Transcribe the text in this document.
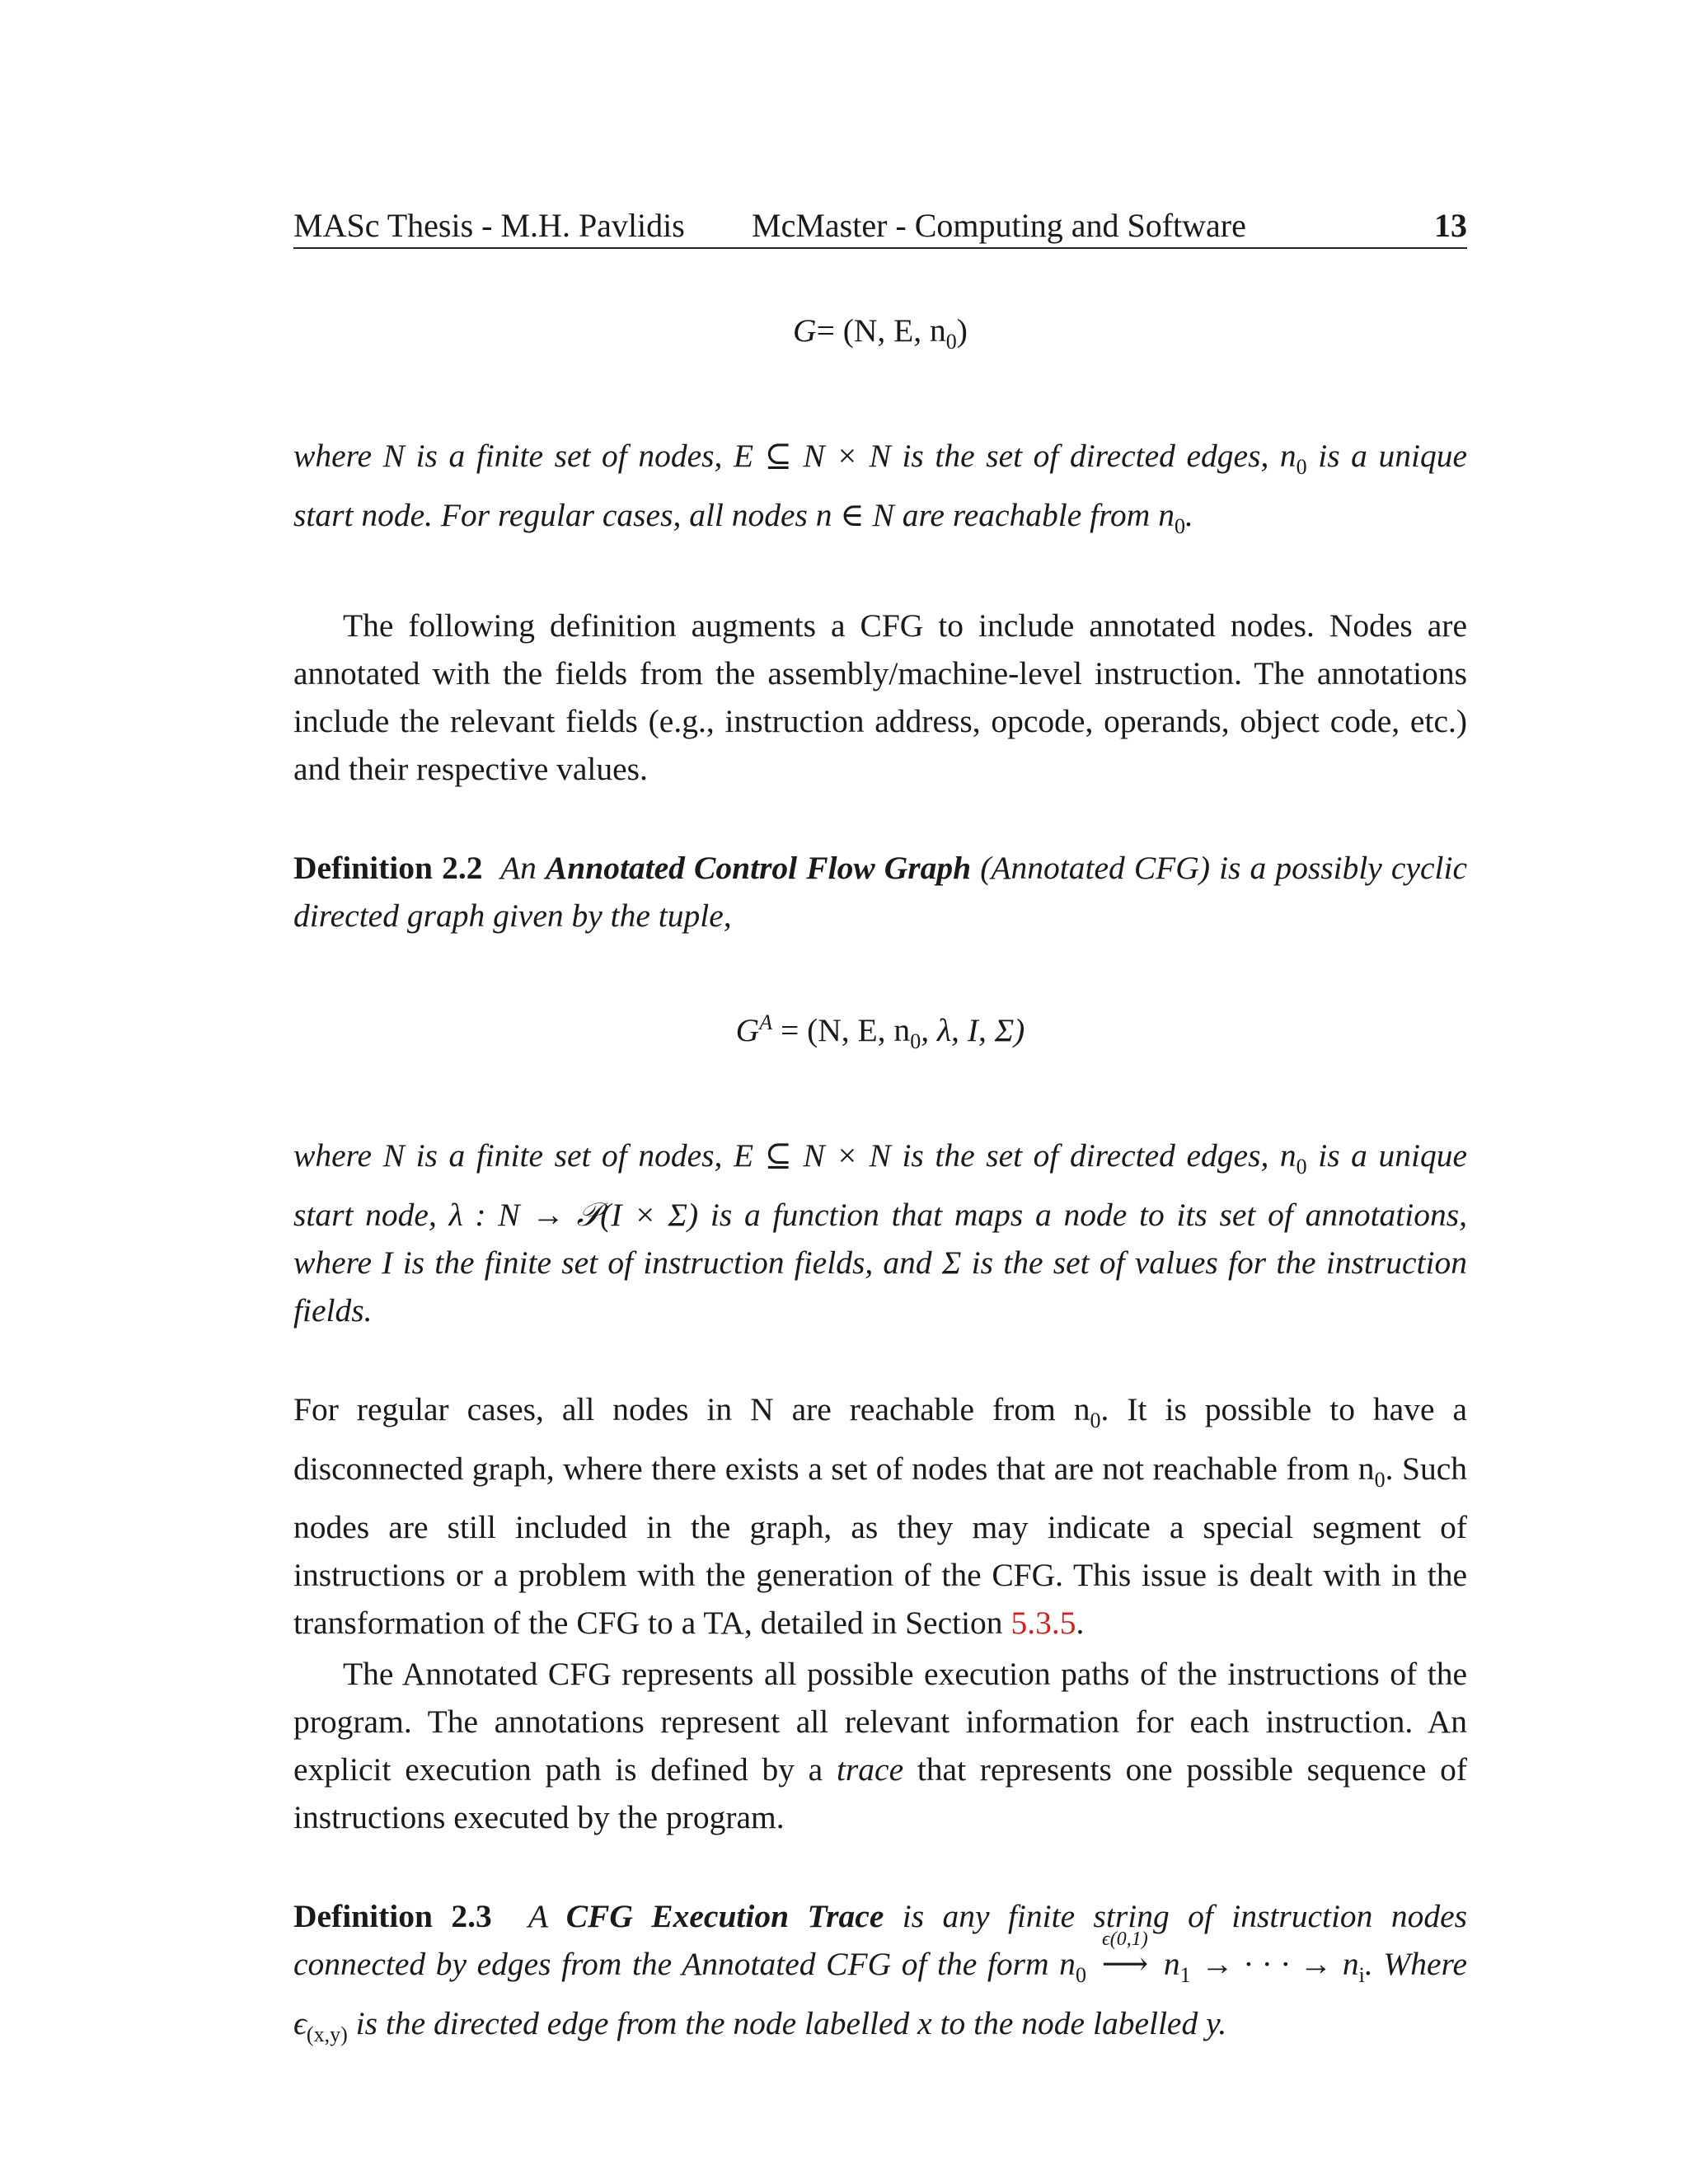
MASc Thesis - M.H. Pavlidis McMaster - Computing and Software	13
G= (N, E, $n_0$)

where N is a finite set of nodes, E ⊆ N × N is the set of directed edges, $n_0$ is a unique start node. For regular cases, all nodes n ∈ N are reachable from $n_0$.

The following definition augments a CFG to include annotated nodes. Nodes are annotated with the fields from the assembly/machine-level instruction. The annotations include the relevant fields (e.g., instruction address, opcode, operands, object code, etc.) and their respective values.

Definition 2.2 An Annotated Control Flow Graph (Annotated CFG) is a possibly cyclic directed graph given by the tuple,

$G^A = (N$, E, $n_0$, λ, I, Σ)

where N is a finite set of nodes, E ⊆ N × N is the set of directed edges, $n_0$ is a unique start node, λ : N → 𝒫(I × Σ) is a function that maps a node to its set of annotations, where I is the finite set of instruction fields, and Σ is the set of values for the instruction fields.

For regular cases, all nodes in N are reachable from $n_0$. It is possible to have a disconnected graph, where there exists a set of nodes that are not reachable from $n_0$. Such nodes are still included in the graph, as they may indicate a special segment of instructions or a problem with the generation of the CFG. This issue is dealt with in the transformation of the CFG to a TA, detailed in Section 5.3.5.

The Annotated CFG represents all possible execution paths of the instructions of the program. The annotations represent all relevant information for each instruction. An explicit execution path is defined by a trace that represents one possible sequence of instructions executed by the program.

Definition 2.3 A CFG Execution Trace is any finite string of instruction nodes connected by edges from the Annotated CFG of the form $n_0$
ϵ(0,1)
⟶ $n_1$ → · · · → $n_i$. Where $\epsilon_{(x,y)}$ is the directed edge from the node labelled x to the node labelled y.
